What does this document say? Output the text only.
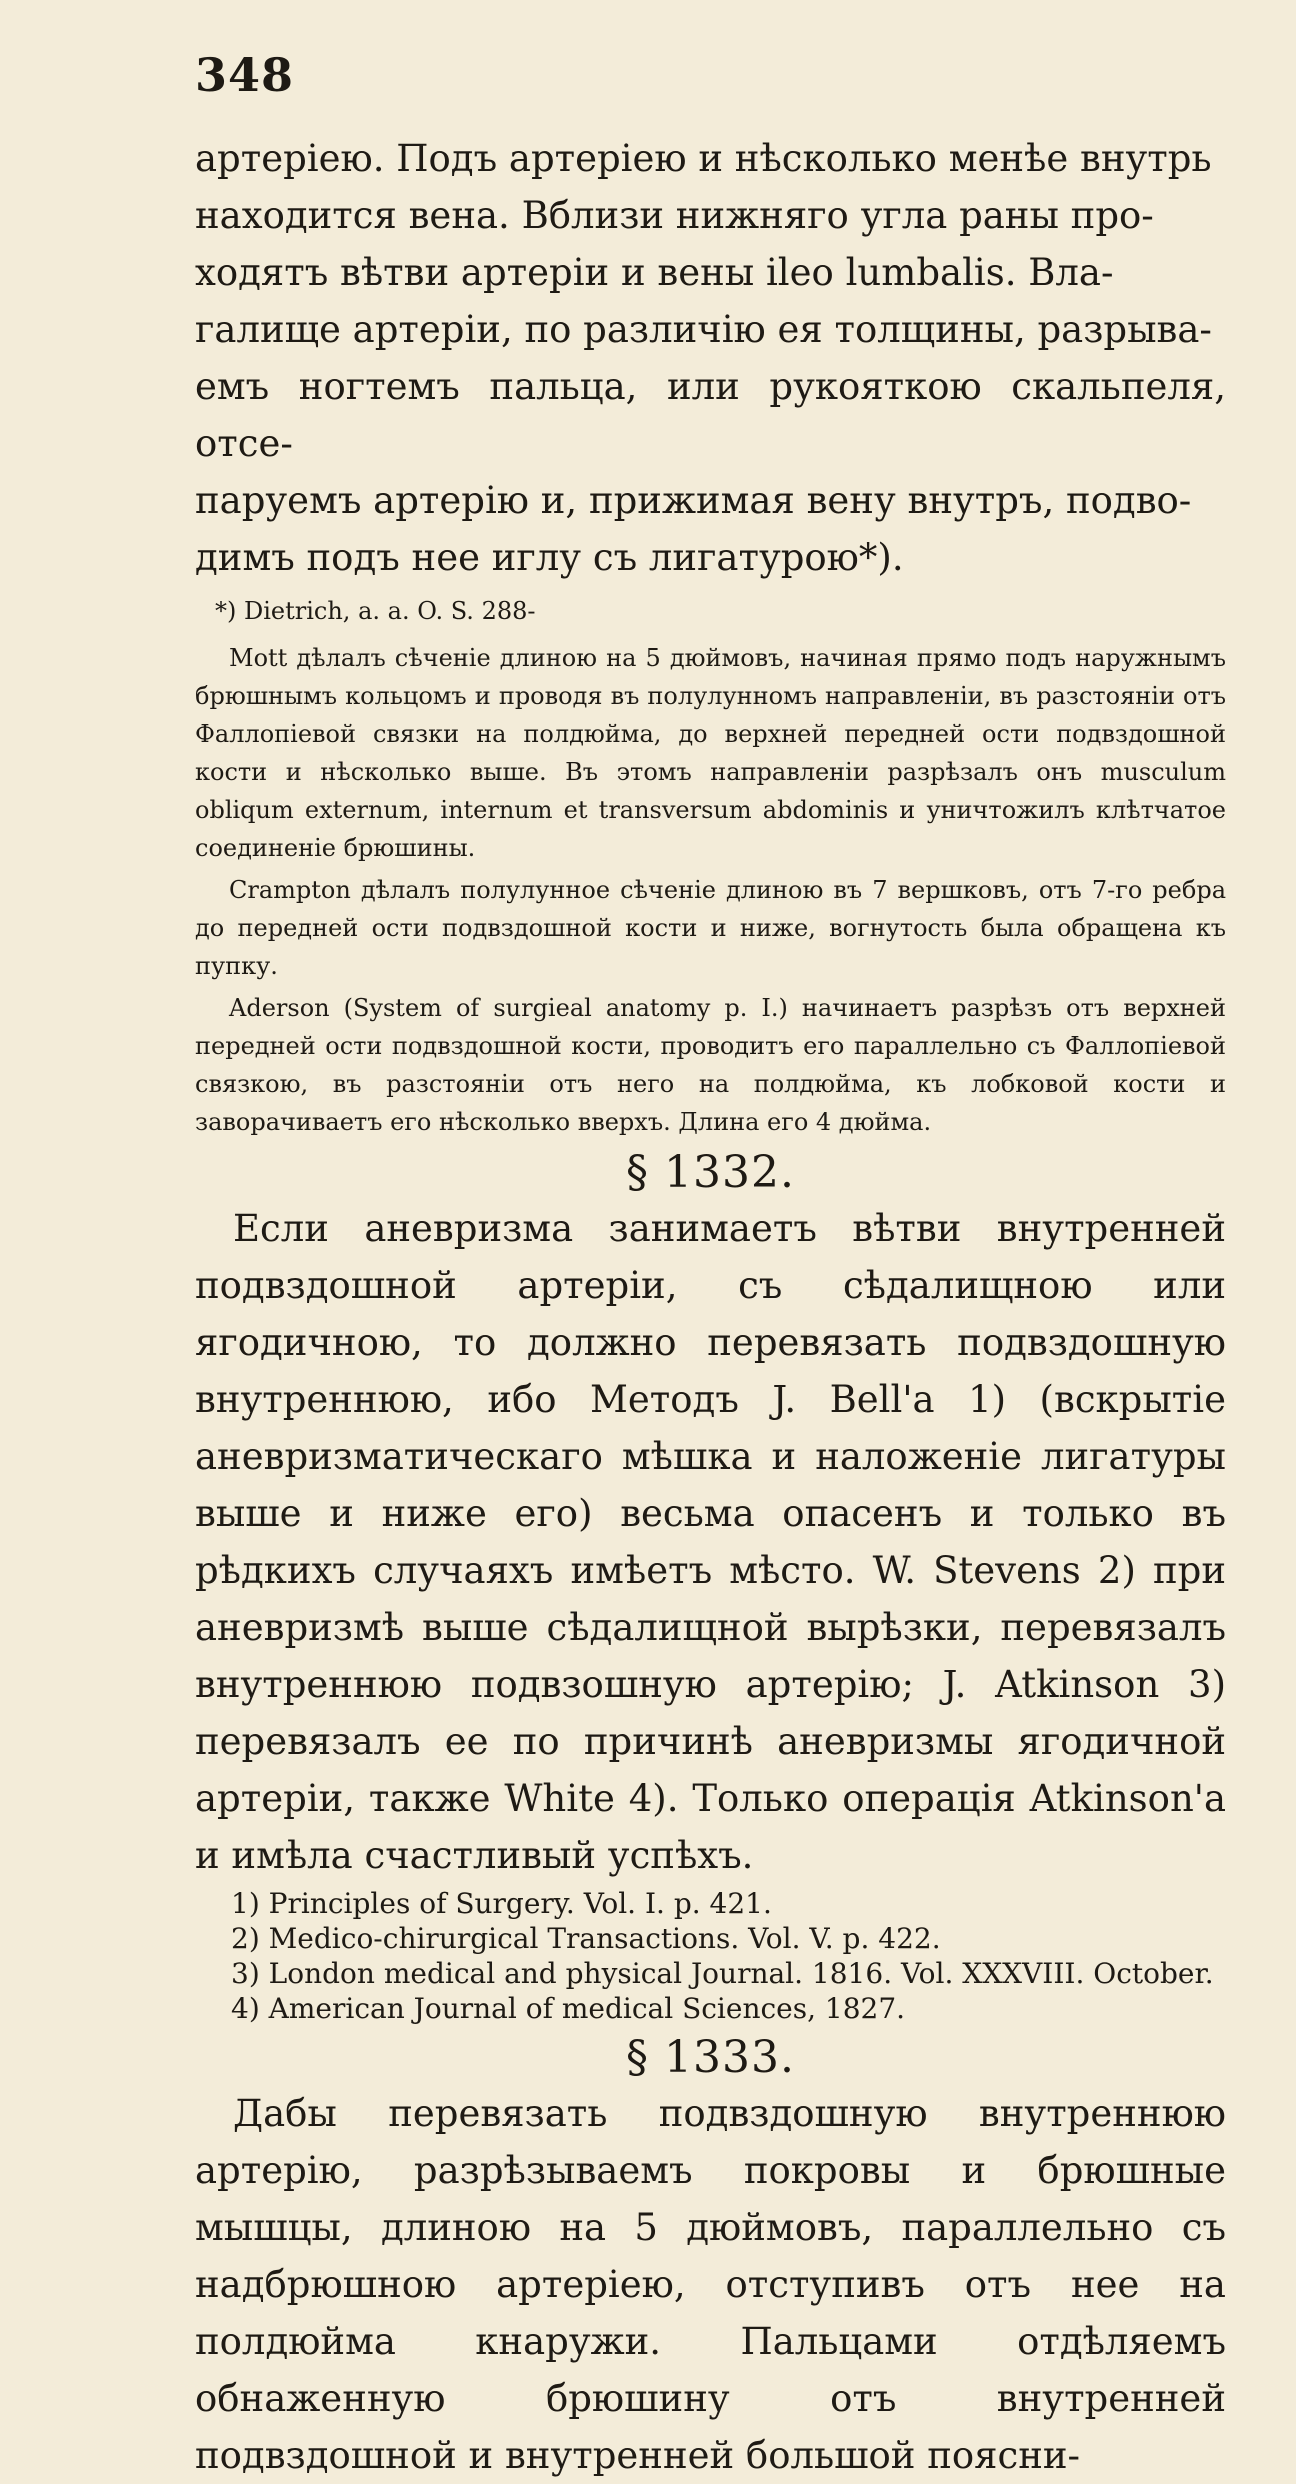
348

артеріею. Подъ артеріею и нѣсколько менѣе внутрь
находится вена. Вблизи нижняго угла раны про-
ходятъ вѣтви артеріи и вены ileo lumbalis. Вла-
галище артеріи, по различію ея толщины, разрыва-
емъ ногтемъ пальца, или рукояткою скальпеля, отсе-
паруемъ артерію и, прижимая вену внутръ, подво-
димъ подъ нее иглу съ лигатурою*).

*) Dietrich, a. a. O. S. 288-

Mott дѣлалъ сѣченіе длиною на 5 дюймовъ, начиная прямо подъ наружнымъ брюшнымъ кольцомъ и проводя въ полулунномъ направленіи, въ разстояніи отъ Фаллопіевой связки на полдюйма, до верхней передней ости подвздошной кости и нѣсколько выше. Въ этомъ направленіи разрѣзалъ онъ musculum obliqum externum, internum et transversum abdominis и уничтожилъ клѣтчатое соединеніе брюшины.

Crampton дѣлалъ полулунное сѣченіе длиною въ 7 вершковъ, отъ 7-го ребра до передней ости подвздошной кости и ниже, вогнутость была обращена къ пупку.

Aderson (System of surgieal anatomy p. I.) начинаетъ разрѣзъ отъ верхней передней ости подвздошной кости, проводитъ его параллельно съ Фаллопіевой связкою, въ разстояніи отъ него на полдюйма, къ лобковой кости и заворачиваетъ его нѣсколько вверхъ. Длина его 4 дюйма.

§ 1332.

Если аневризма занимаетъ вѣтви внутренней подвздошной артеріи, съ сѣдалищною или ягодичною, то должно перевязать подвздошную внутреннюю, ибо Методъ J. Bell'а 1) (вскрытіе аневризматическаго мѣшка и наложеніе лигатуры выше и ниже его) весьма опасенъ и только въ рѣдкихъ случаяхъ имѣетъ мѣсто. W. Stevens 2) при аневризмѣ выше сѣдалищной вырѣзки, перевязалъ внутреннюю подвзошную артерію; J. Atkinson 3) перевязалъ ее по причинѣ аневризмы ягодичной артеріи, также White 4). Только операція Atkinson'а и имѣла счастливый успѣхъ.

1) Principles of Surgery. Vol. I. p. 421.

2) Medico-chirurgical Transactions. Vol. V. p. 422.

3) London medical and physical Journal. 1816. Vol. XXXVIII. October.

4) American Journal of medical Sciences, 1827.

§ 1333.

Дабы перевязать подвздошную внутреннюю артерію, разрѣзываемъ покровы и брюшные мышцы, длиною на 5 дюймовъ, параллельно съ надбрюшною артеріею, отступивъ отъ нее на полдюйма кнаружи. Пальцами отдѣляемъ обнаженную брюшину отъ внутренней подвздошной и внутренней большой поясни-
